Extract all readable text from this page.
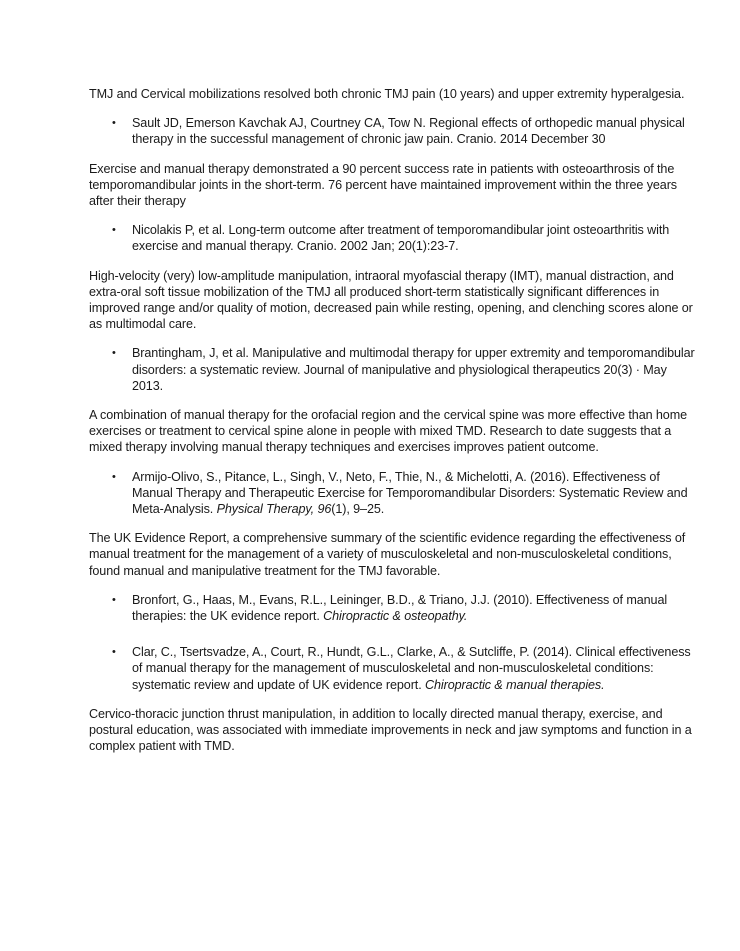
TMJ and Cervical mobilizations resolved both chronic TMJ pain (10 years) and upper extremity hyperalgesia.

• Sault JD, Emerson Kavchak AJ, Courtney CA, Tow N. Regional effects of orthopedic manual physical therapy in the successful management of chronic jaw pain. Cranio. 2014 December 30

Exercise and manual therapy demonstrated a 90 percent success rate in patients with osteoarthrosis of the temporomandibular joints in the short-term. 76 percent have maintained improvement within the three years after their therapy

• Nicolakis P, et al. Long-term outcome after treatment of temporomandibular joint osteoarthritis with exercise and manual therapy. Cranio. 2002 Jan; 20(1):23-7.

High-velocity (very) low-amplitude manipulation, intraoral myofascial therapy (IMT), manual distraction, and extra-oral soft tissue mobilization of the TMJ all produced short-term statistically significant differences in improved range and/or quality of motion, decreased pain while resting, opening, and clenching scores alone or as multimodal care.

• Brantingham, J, et al. Manipulative and multimodal therapy for upper extremity and temporomandibular disorders: a systematic review. Journal of manipulative and physiological therapeutics 20(3) · May 2013.

A combination of manual therapy for the orofacial region and the cervical spine was more effective than home exercises or treatment to cervical spine alone in people with mixed TMD. Research to date suggests that a mixed therapy involving manual therapy techniques and exercises improves patient outcome.

• Armijo-Olivo, S., Pitance, L., Singh, V., Neto, F., Thie, N., & Michelotti, A. (2016). Effectiveness of Manual Therapy and Therapeutic Exercise for Temporomandibular Disorders: Systematic Review and Meta-Analysis. Physical Therapy, 96(1), 9–25.

The UK Evidence Report, a comprehensive summary of the scientific evidence regarding the effectiveness of manual treatment for the management of a variety of musculoskeletal and non-musculoskeletal conditions, found manual and manipulative treatment for the TMJ favorable.

• Bronfort, G., Haas, M., Evans, R.L., Leininger, B.D., & Triano, J.J. (2010). Effectiveness of manual therapies: the UK evidence report. Chiropractic & osteopathy.
• Clar, C., Tsertsvadze, A., Court, R., Hundt, G.L., Clarke, A., & Sutcliffe, P. (2014). Clinical effectiveness of manual therapy for the management of musculoskeletal and non-musculoskeletal conditions: systematic review and update of UK evidence report. Chiropractic & manual therapies.

Cervico-thoracic junction thrust manipulation, in addition to locally directed manual therapy, exercise, and postural education, was associated with immediate improvements in neck and jaw symptoms and function in a complex patient with TMD.
